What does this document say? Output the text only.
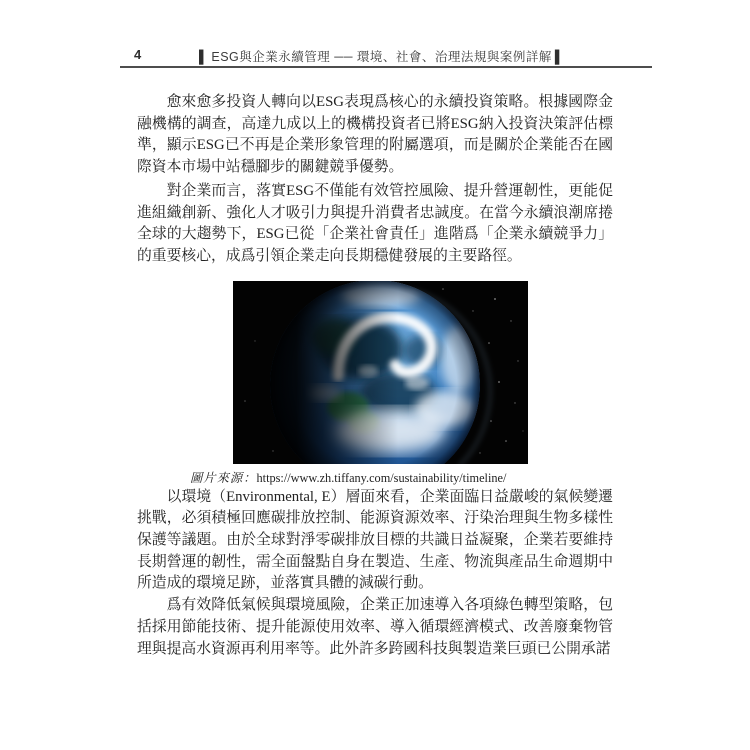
4	▌ ESG與企業永續管理 ── 環境、社會、治理法規與案例詳解 ▌

愈來愈多投資人轉向以ESG表現爲核心的永續投資策略。根據國際金融機構的調查，高達九成以上的機構投資者已將ESG納入投資決策評估標準，顯示ESG已不再是企業形象管理的附屬選項，而是關於企業能否在國際資本市場中站穩腳步的關鍵競爭優勢。

對企業而言，落實ESG不僅能有效管控風險、提升營運韌性，更能促進組織創新、強化人才吸引力與提升消費者忠誠度。在當今永續浪潮席捲全球的大趨勢下，ESG已從「企業社會責任」進階爲「企業永續競爭力」的重要核心，成爲引領企業走向長期穩健發展的主要路徑。

圖片來源：https://www.zh.tiffany.com/sustainability/timeline/

以環境（Environmental, E）層面來看，企業面臨日益嚴峻的氣候變遷挑戰，必須積極回應碳排放控制、能源資源效率、汙染治理與生物多樣性保護等議題。由於全球對淨零碳排放目標的共識日益凝聚，企業若要維持長期營運的韌性，需全面盤點自身在製造、生產、物流與產品生命週期中所造成的環境足跡，並落實具體的減碳行動。

爲有效降低氣候與環境風險，企業正加速導入各項綠色轉型策略，包括採用節能技術、提升能源使用效率、導入循環經濟模式、改善廢棄物管理與提高水資源再利用率等。此外許多跨國科技與製造業巨頭已公開承諾
